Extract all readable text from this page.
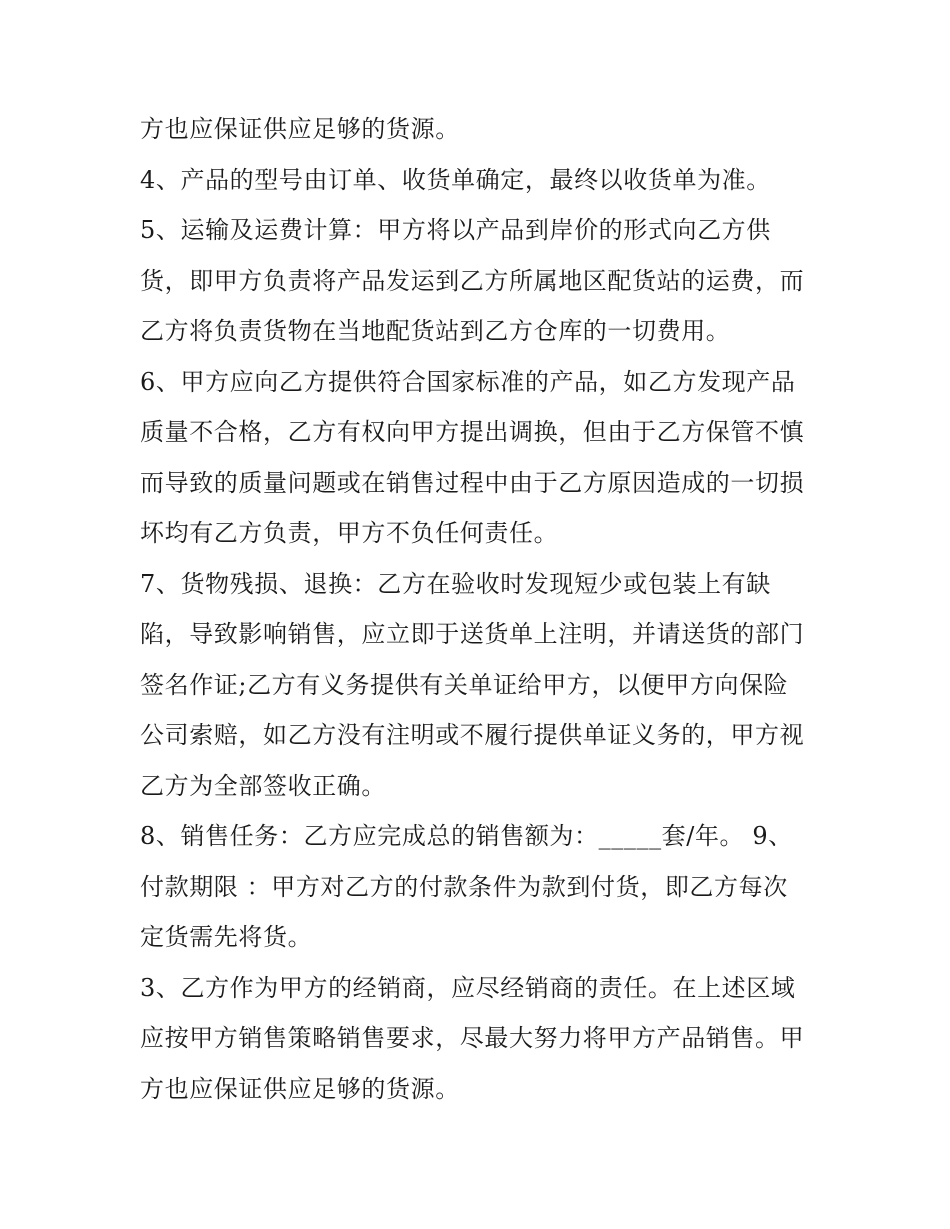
方也应保证供应足够的货源。
4、产品的型号由订单、收货单确定，最终以收货单为准。
5、运输及运费计算：甲方将以产品到岸价的形式向乙方供
货，即甲方负责将产品发运到乙方所属地区配货站的运费，而
乙方将负责货物在当地配货站到乙方仓库的一切费用。
6、甲方应向乙方提供符合国家标准的产品，如乙方发现产品
质量不合格，乙方有权向甲方提出调换，但由于乙方保管不慎
而导致的质量问题或在销售过程中由于乙方原因造成的一切损
坏均有乙方负责，甲方不负任何责任。
7、货物残损、退换：乙方在验收时发现短少或包装上有缺
陷，导致影响销售，应立即于送货单上注明，并请送货的部门
签名作证;乙方有义务提供有关单证给甲方，以便甲方向保险
公司索赔，如乙方没有注明或不履行提供单证义务的，甲方视
乙方为全部签收正确。
8、销售任务：乙方应完成总的销售额为：_____套/年。 9、
付款期限 ：甲方对乙方的付款条件为款到付货，即乙方每次
定货需先将货。
3、乙方作为甲方的经销商，应尽经销商的责任。在上述区域
应按甲方销售策略销售要求，尽最大努力将甲方产品销售。甲
方也应保证供应足够的货源。
